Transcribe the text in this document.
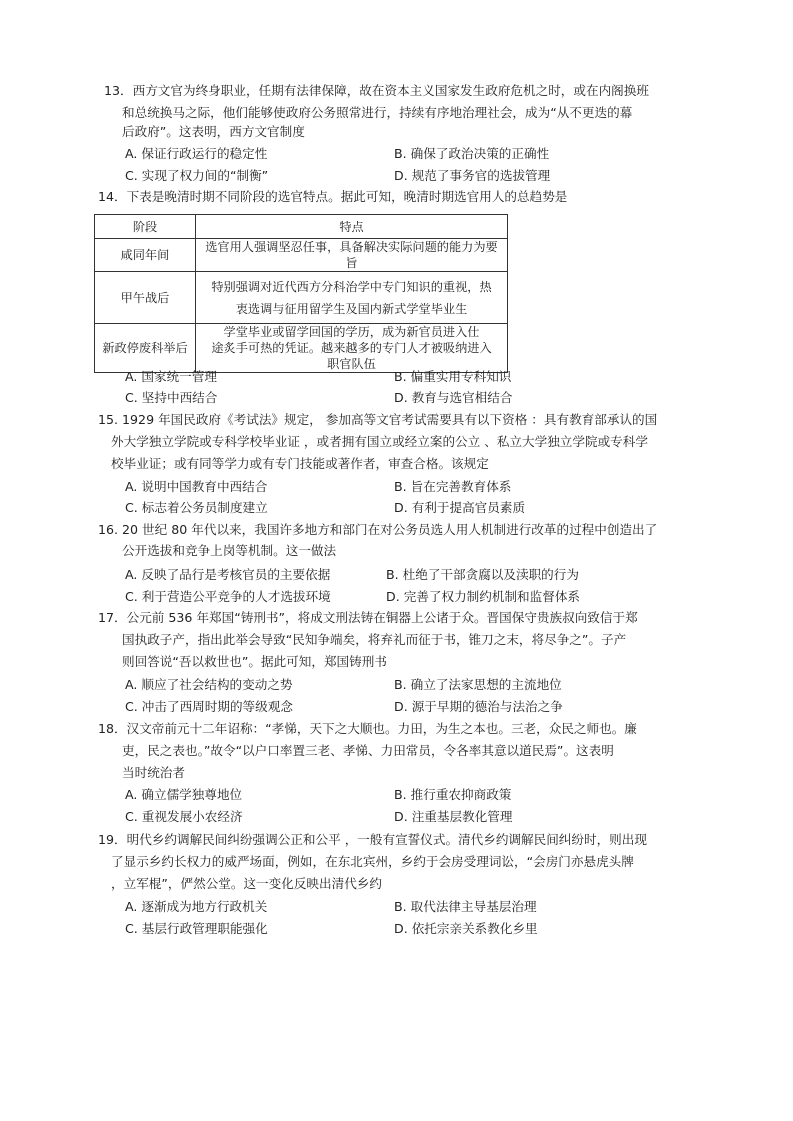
13．西方文官为终身职业，任期有法律保障，故在资本主义国家发生政府危机之时，或在内阁换班
和总统换马之际，他们能够使政府公务照常进行，持续有序地治理社会，成为“从不更迭的幕
后政府”。这表明，西方文官制度
A. 保证行政运行的稳定性	B. 确保了政治决策的正确性
C. 实现了权力间的“制衡”	D. 规范了事务官的选拔管理
14．下表是晚清时期不同阶段的选官特点。据此可知，晚清时期选官用人的总趋势是
阶段	特点
咸同年间	选官用人强调坚忍任事，具备解决实际问题的能力为要旨

甲午战后	特别强调对近代西方分科治学中专门知识的重视，热
衷选调与征用留学生及国内新式学堂毕业生

新政停废科举后	学堂毕业或留学回国的学历，成为新官员进入仕
途炙手可热的凭证。越来越多的专门人才被吸纳进入
职官队伍
A. 国家统一管理	B. 偏重实用专科知识
C. 坚持中西结合	D. 教育与选官相结合
15. 1929 年国民政府《考试法》规定， 参加高等文官考试需要具有以下资格 ：具有教育部承认的国
外大学独立学院或专科学校毕业证 ，或者拥有国立或经立案的公立 、私立大学独立学院或专科学
校毕业证；或有同等学力或有专门技能或著作者，审查合格。该规定
A. 说明中国教育中西结合	B. 旨在完善教育体系
C. 标志着公务员制度建立	D. 有利于提高官员素质
16. 20 世纪 80 年代以来，我国许多地方和部门在对公务员选人用人机制进行改革的过程中创造出了
公开选拔和竞争上岗等机制。这一做法
A. 反映了品行是考核官员的主要依据	B. 杜绝了干部贪腐以及渎职的行为
C. 利于营造公平竞争的人才选拔环境	D. 完善了权力制约机制和监督体系
17．公元前 536 年郑国“铸刑书”，将成文刑法铸在铜器上公诸于众。晋国保守贵族叔向致信于郑
国执政子产，指出此举会导致“民知争端矣，将弃礼而征于书，锥刀之末，将尽争之”。子产
则回答说“吾以救世也”。据此可知，郑国铸刑书
A. 顺应了社会结构的变动之势	B. 确立了法家思想的主流地位
C. 冲击了西周时期的等级观念	D. 源于早期的德治与法治之争
18．汉文帝前元十二年诏称：“孝悌，天下之大顺也。力田，为生之本也。三老，众民之师也。廉
吏，民之表也。”故令“以户口率置三老、孝悌、力田常员，令各率其意以道民焉”。这表明
当时统治者
A. 确立儒学独尊地位	B. 推行重农抑商政策
C. 重视发展小农经济	D. 注重基层教化管理
19．明代乡约调解民间纠纷强调公正和公平 ，一般有宣誓仪式。清代乡约调解民间纠纷时，则出现
了显示乡约长权力的威严场面，例如，在东北宾州，乡约于会房受理词讼，“会房门亦悬虎头牌
，立军棍”，俨然公堂。这一变化反映出清代乡约
A. 逐渐成为地方行政机关	B. 取代法律主导基层治理
C. 基层行政管理职能强化	D. 依托宗亲关系教化乡里
